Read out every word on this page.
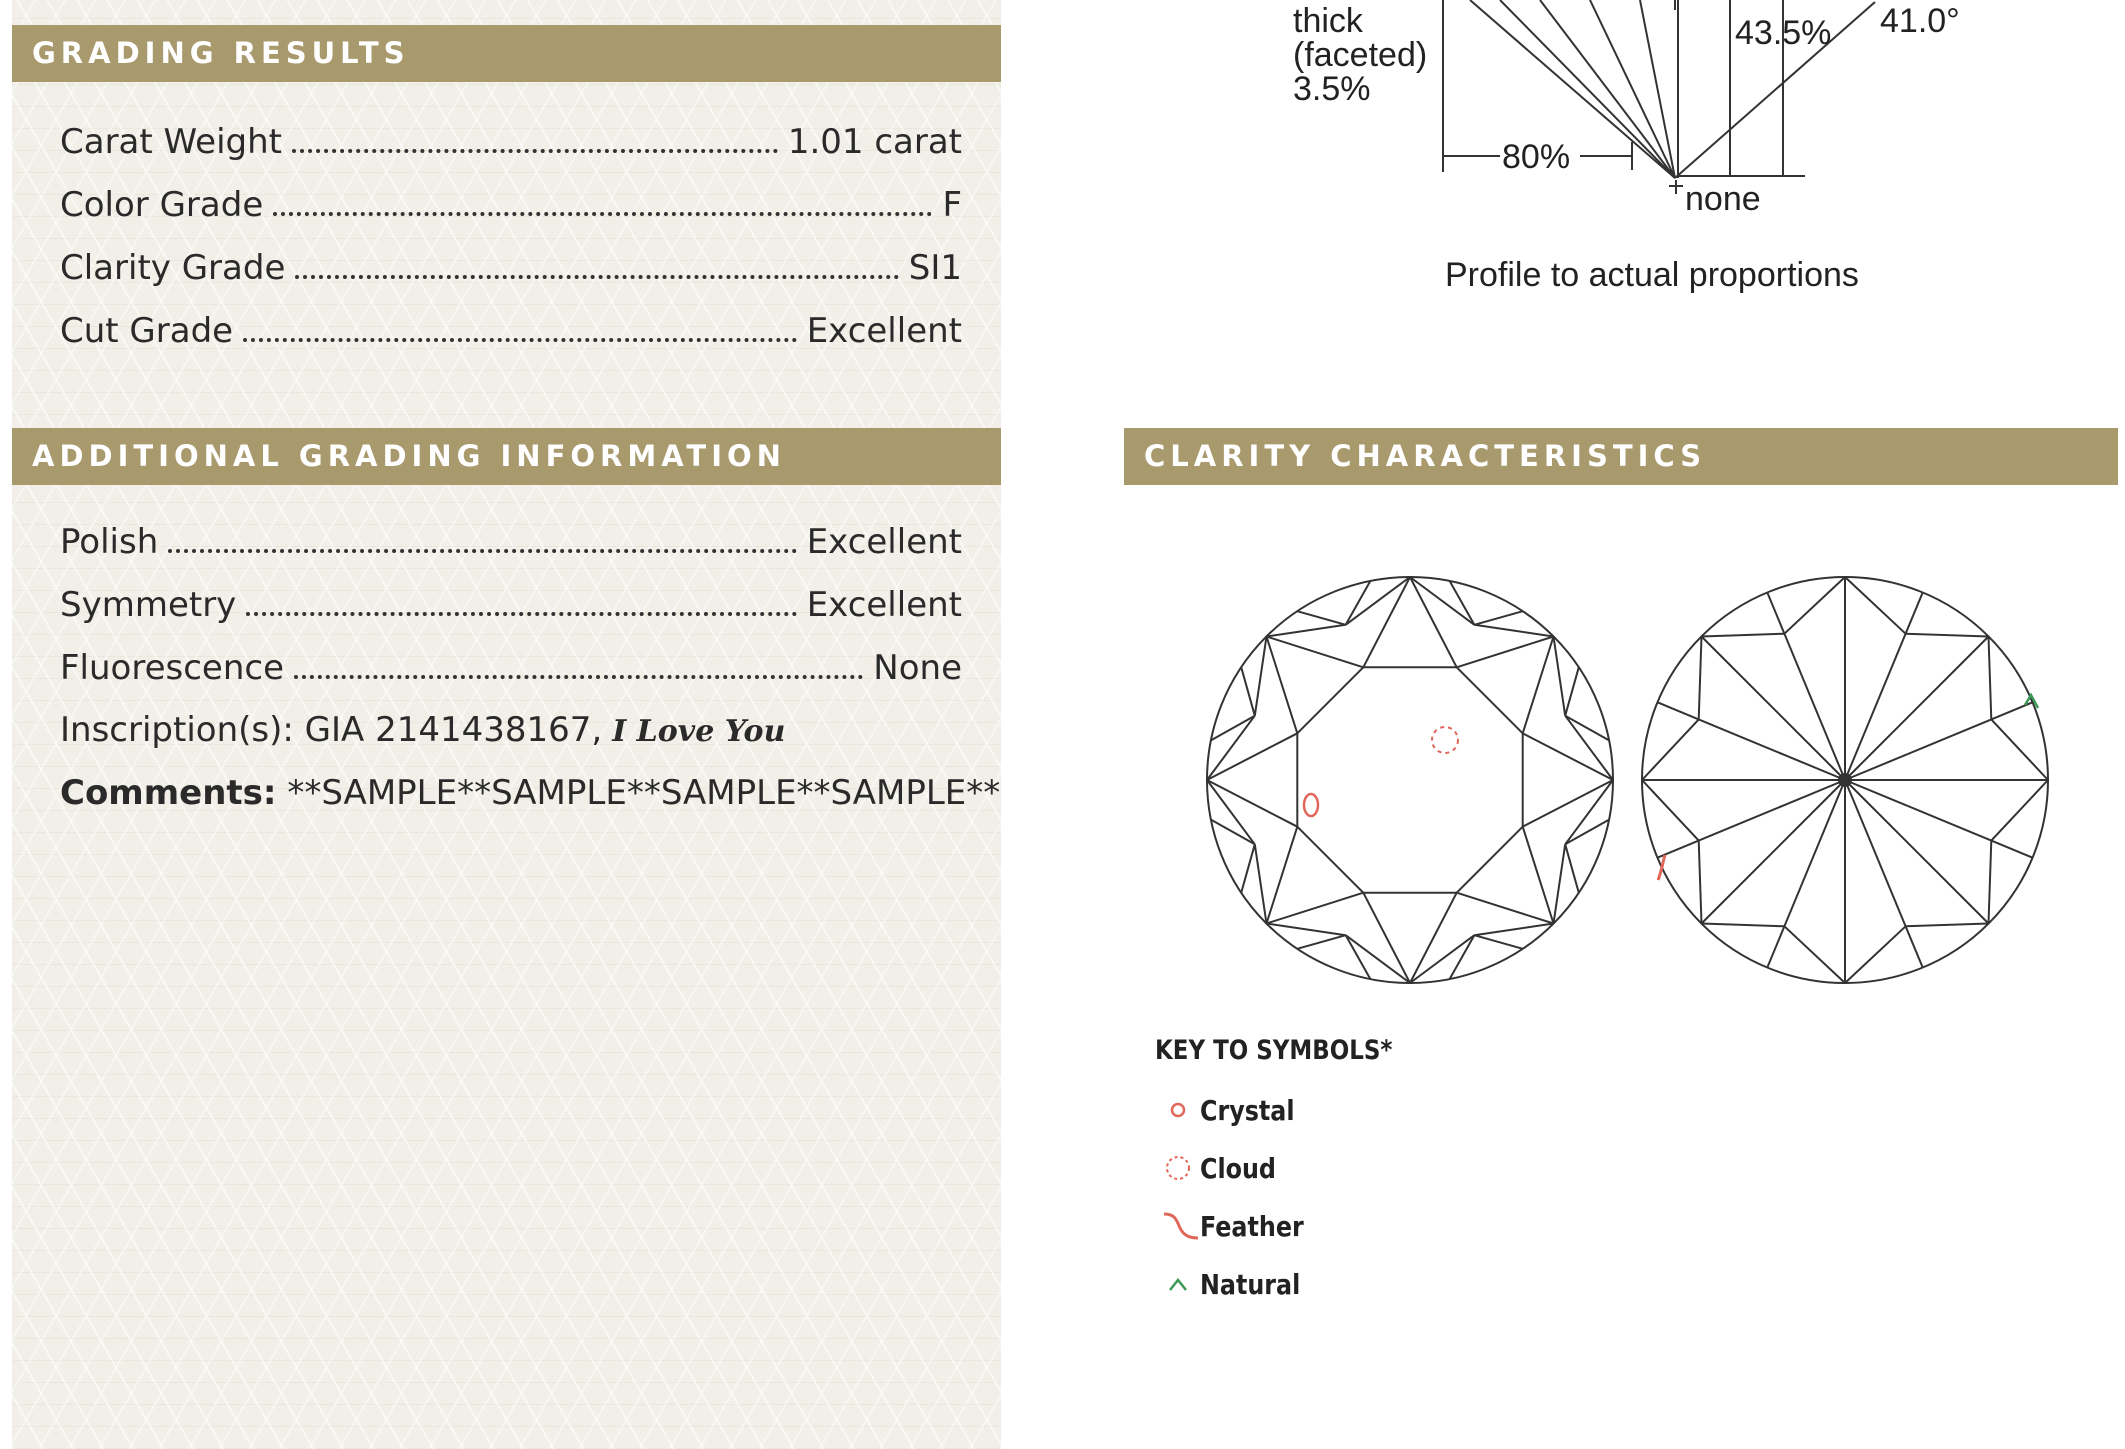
GRADING RESULTS
Carat Weight	1.01 carat
Color Grade	F
Clarity Grade	SI1
Cut Grade	Excellent
ADDITIONAL GRADING INFORMATION
Polish	Excellent
Symmetry	Excellent
Fluorescence	None
Inscription(s): GIA 2141438167, I Love You
Comments: **SAMPLE**SAMPLE**SAMPLE**SAMPLE**
thick
(faceted)
3.5%
43.5% 41.0°
80%
none
Profile to actual proportions
CLARITY CHARACTERISTICS
KEY TO SYMBOLS*
Crystal
Cloud
Feather
Natural
